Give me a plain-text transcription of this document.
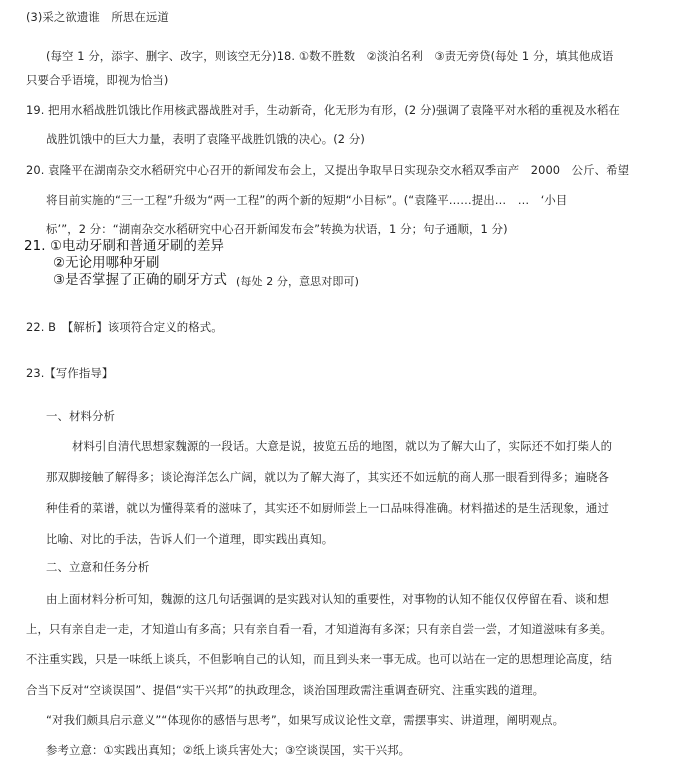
(3)采之欲遗谁　所思在远道
(每空 1 分，添字、删字、改字，则该空无分)18. ①数不胜数　②淡泊名利　③责无旁贷(每处 1 分，填其他成语
只要合乎语境，即视为恰当)
19. 把用水稻战胜饥饿比作用核武器战胜对手，生动新奇，化无形为有形，(2 分)强调了袁隆平对水稻的重视及水稻在
战胜饥饿中的巨大力量，表明了袁隆平战胜饥饿的决心。(2 分)
20. 袁隆平在湖南杂交水稻研究中心召开的新闻发布会上，又提出争取早日实现杂交水稻双季亩产　2000　公斤、希望
将目前实施的“三一工程”升级为“两一工程”的两个新的短期“小目标”。(“袁隆平……提出…　…　‘小目
标’”，2 分：“湖南杂交水稻研究中心召开新闻发布会”转换为状语，1 分；句子通顺，1 分)
21. ①电动牙刷和普通牙刷的差异
②无论用哪种牙刷
③是否掌握了正确的刷牙方式 (每处 2 分，意思对即可)
22. B　【解析】该项符合定义的格式。
23.【写作指导】
一、材料分析
材料引自清代思想家魏源的一段话。大意是说，披览五岳的地图，就以为了解大山了，实际还不如打柴人的
那双脚接触了解得多；谈论海洋怎么广阔，就以为了解大海了，其实还不如远航的商人那一眼看到得多；遍晓各
种佳肴的菜谱，就以为懂得菜肴的滋味了，其实还不如厨师尝上一口品味得准确。材料描述的是生活现象，通过
比喻、对比的手法，告诉人们一个道理，即实践出真知。
二、立意和任务分析
由上面材料分析可知，魏源的这几句话强调的是实践对认知的重要性，对事物的认知不能仅仅停留在看、谈和想
上，只有亲自走一走，才知道山有多高；只有亲自看一看，才知道海有多深；只有亲自尝一尝，才知道滋味有多美。
不注重实践，只是一味纸上谈兵，不但影响自己的认知，而且到头来一事无成。也可以站在一定的思想理论高度，结
合当下反对“空谈误国”、提倡“实干兴邦”的执政理念，谈治国理政需注重调查研究、注重实践的道理。
“对我们颇具启示意义”“体现你的感悟与思考”，如果写成议论性文章，需摆事实、讲道理，阐明观点。
参考立意：①实践出真知；②纸上谈兵害处大；③空谈误国，实干兴邦。
